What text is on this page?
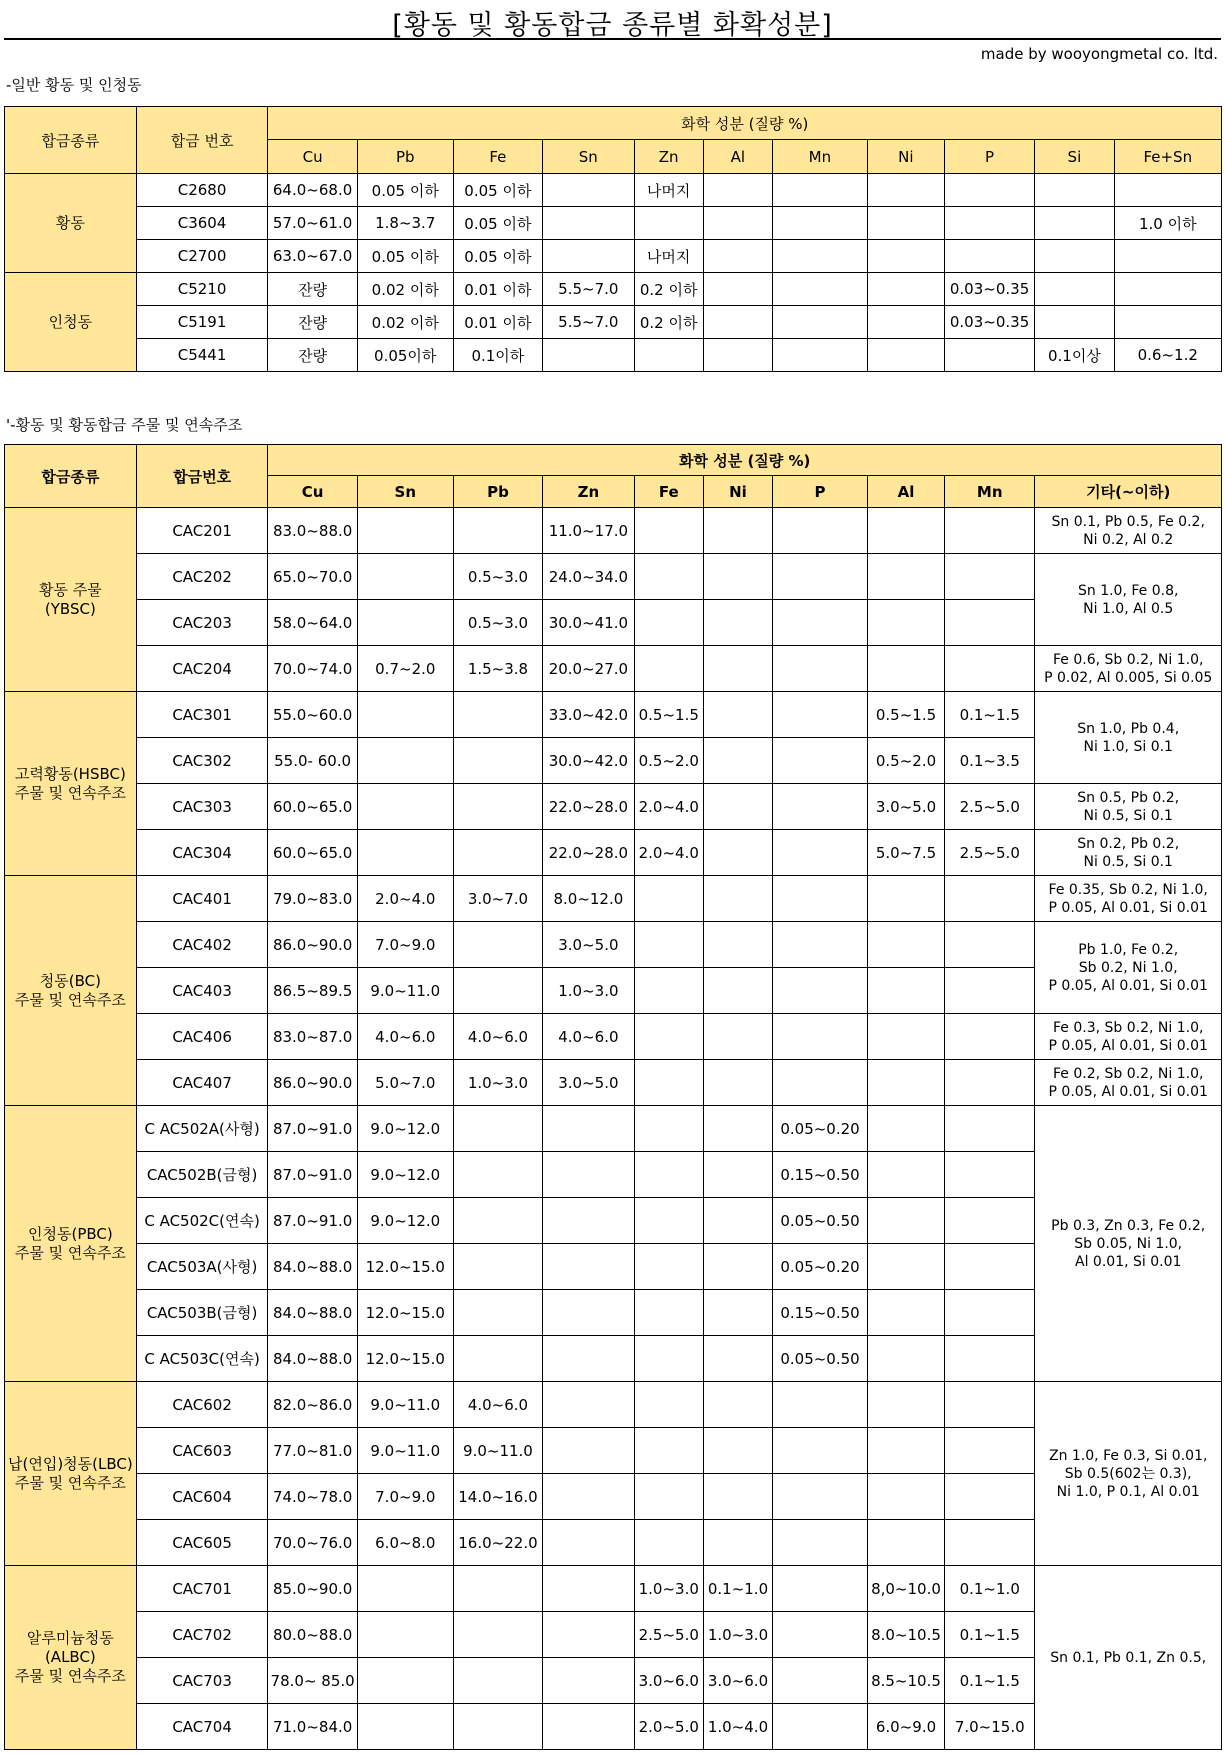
[황동 및 황동합금 종류별 화확성분]
made by wooyongmetal co. ltd.
-일반 황동 및 인청동
합금종류	합금 번호	화학 성분 (질량 %)										
		Cu	Pb	Fe	Sn	Zn	Al	Mn	Ni	P	Si	Fe+Sn
황동	C2680	64.0~68.0	0.05 이하	0.05 이하		나머지						
	C3604	57.0~61.0	1.8~3.7	0.05 이하								1.0 이하
	C2700	63.0~67.0	0.05 이하	0.05 이하		나머지						
인청동	C5210	잔량	0.02 이하	0.01 이하	5.5~7.0	0.2 이하				0.03~0.35		
	C5191	잔량	0.02 이하	0.01 이하	5.5~7.0	0.2 이하				0.03~0.35		
	C5441	잔량	0.05이하	0.1이하							0.1이상	0.6~1.2
'-황동 및 황동합금 주물 및 연속주조
합금종류	합금번호	화학 성분 (질량 %)									
		Cu	Sn	Pb	Zn	Fe	Ni	P	Al	Mn	기타(~이하)
황동 주물
(YBSC)	CAC201	83.0~88.0			11.0~17.0						Sn 0.1, Pb 0.5, Fe 0.2,
Ni 0.2, Al 0.2
	CAC202	65.0~70.0		0.5~3.0	24.0~34.0						Sn 1.0, Fe 0.8,
Ni 1.0, Al 0.5
	CAC203	58.0~64.0		0.5~3.0	30.0~41.0						
	CAC204	70.0~74.0	0.7~2.0	1.5~3.8	20.0~27.0						Fe 0.6, Sb 0.2, Ni 1.0,
P 0.02, Al 0.005, Si 0.05
고력황동(HSBC)
주물 및 연속주조	CAC301	55.0~60.0			33.0~42.0	0.5~1.5			0.5~1.5	0.1~1.5	Sn 1.0, Pb 0.4,
Ni 1.0, Si 0.1
	CAC302	55.0- 60.0			30.0~42.0	0.5~2.0			0.5~2.0	0.1~3.5	
	CAC303	60.0~65.0			22.0~28.0	2.0~4.0			3.0~5.0	2.5~5.0	Sn 0.5, Pb 0.2,
Ni 0.5, Si 0.1
	CAC304	60.0~65.0			22.0~28.0	2.0~4.0			5.0~7.5	2.5~5.0	Sn 0.2, Pb 0.2,
Ni 0.5, Si 0.1
청동(BC)
주물 및 연속주조	CAC401	79.0~83.0	2.0~4.0	3.0~7.0	8.0~12.0						Fe 0.35, Sb 0.2, Ni 1.0,
P 0.05, Al 0.01, Si 0.01
	CAC402	86.0~90.0	7.0~9.0		3.0~5.0						Pb 1.0, Fe 0.2,
Sb 0.2, Ni 1.0,
P 0.05, Al 0.01, Si 0.01
	CAC403	86.5~89.5	9.0~11.0		1.0~3.0						
	CAC406	83.0~87.0	4.0~6.0	4.0~6.0	4.0~6.0						Fe 0.3, Sb 0.2, Ni 1.0,
P 0.05, Al 0.01, Si 0.01
	CAC407	86.0~90.0	5.0~7.0	1.0~3.0	3.0~5.0						Fe 0.2, Sb 0.2, Ni 1.0,
P 0.05, Al 0.01, Si 0.01
인청동(PBC)
주물 및 연속주조	C AC502A(사형)	87.0~91.0	9.0~12.0					0.05~0.20			Pb 0.3, Zn 0.3, Fe 0.2,
Sb 0.05, Ni 1.0,
Al 0.01, Si 0.01
	CAC502B(금형)	87.0~91.0	9.0~12.0					0.15~0.50			
	C AC502C(연속)	87.0~91.0	9.0~12.0					0.05~0.50			
	CAC503A(사형)	84.0~88.0	12.0~15.0					0.05~0.20			
	CAC503B(금형)	84.0~88.0	12.0~15.0					0.15~0.50			
	C AC503C(연속)	84.0~88.0	12.0~15.0					0.05~0.50			
납(연입)청동(LBC)
주물 및 연속주조	CAC602	82.0~86.0	9.0~11.0	4.0~6.0							Zn 1.0, Fe 0.3, Si 0.01,
Sb 0.5(602는 0.3),
Ni 1.0, P 0.1, Al 0.01
	CAC603	77.0~81.0	9.0~11.0	9.0~11.0							
	CAC604	74.0~78.0	7.0~9.0	14.0~16.0							
	CAC605	70.0~76.0	6.0~8.0	16.0~22.0							
알루미늄청동
(ALBC)
주물 및 연속주조	CAC701	85.0~90.0				1.0~3.0	0.1~1.0		8,0~10.0	0.1~1.0	Sn 0.1, Pb 0.1, Zn 0.5,
	CAC702	80.0~88.0				2.5~5.0	1.0~3.0		8.0~10.5	0.1~1.5	
	CAC703	78.0~ 85.0				3.0~6.0	3.0~6.0		8.5~10.5	0.1~1.5	
	CAC704	71.0~84.0				2.0~5.0	1.0~4.0		6.0~9.0	7.0~15.0	
